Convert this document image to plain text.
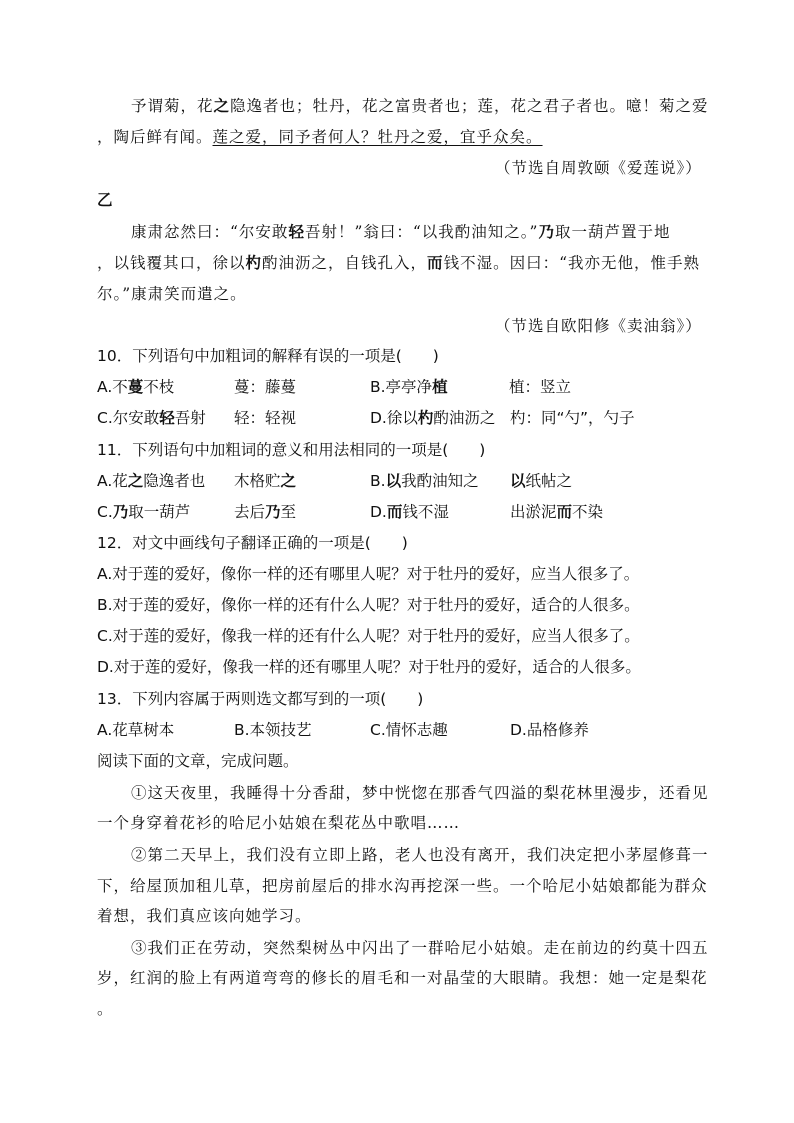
予谓菊，花之隐逸者也；牡丹，花之富贵者也；莲，花之君子者也。噫！菊之爱
，陶后鲜有闻。莲之爱，同予者何人？牡丹之爱，宜乎众矣。
（节选自周敦颐《爱莲说》）
乙
康肃忿然曰：“尔安敢轻吾射！”翁曰：“以我酌油知之。”乃取一葫芦置于地
，以钱覆其口，徐以杓酌油沥之，自钱孔入，而钱不湿。因曰：“我亦无他，惟手熟
尔。”康肃笑而遣之。
（节选自欧阳修《卖油翁》）
10．下列语句中加粗词的解释有误的一项是(　　)
A.不蔓不枝	蔓：藤蔓	B.亭亭净植	植：竖立
C.尔安敢轻吾射 轻：轻视	D.徐以杓酌油沥之 杓：同“勺”，勺子
11．下列语句中加粗词的意义和用法相同的一项是(　　)
A.花之隐逸者也 木格贮之	B.以我酌油知之 以纸帖之
C.乃取一葫芦	去后乃至	D.而钱不湿	出淤泥而不染
12．对文中画线句子翻译正确的一项是(　　)
A.对于莲的爱好，像你一样的还有哪里人呢？对于牡丹的爱好，应当人很多了。
B.对于莲的爱好，像你一样的还有什么人呢？对于牡丹的爱好，适合的人很多。
C.对于莲的爱好，像我一样的还有什么人呢？对于牡丹的爱好，应当人很多了。
D.对于莲的爱好，像我一样的还有哪里人呢？对于牡丹的爱好，适合的人很多。
13．下列内容属于两则选文都写到的一项(　　)
A.花草树本	B.本领技艺	C.情怀志趣	D.品格修养
阅读下面的文章，完成问题。
①这天夜里，我睡得十分香甜，梦中恍惚在那香气四溢的梨花林里漫步，还看见
一个身穿着花衫的哈尼小姑娘在梨花丛中歌唱……
②第二天早上，我们没有立即上路，老人也没有离开，我们决定把小茅屋修葺一
下，给屋顶加租儿草，把房前屋后的排水沟再挖深一些。一个哈尼小姑娘都能为群众
着想，我们真应该向她学习。
③我们正在劳动，突然梨树丛中闪出了一群哈尼小姑娘。走在前边的约莫十四五
岁，红润的脸上有两道弯弯的修长的眉毛和一对晶莹的大眼睛。我想：她一定是梨花
。
